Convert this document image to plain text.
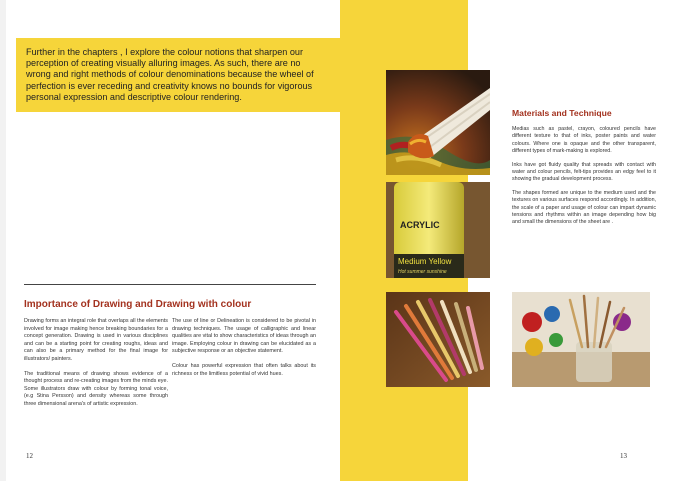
Further in the chapters , I explore the colour notions that sharpen our perception of creating visually alluring images. As such, there are no wrong and right methods of colour denominations because the wheel of perfection is ever receding and creativity knows no bounds for vigorous personal expression and descriptive colour rendering.
Importance of Drawing and Drawing with colour

Drawing forms an integral role that overlaps all the elements involved for image making hence breaking boundaries for a concept generation. Drawing is used in various disciplines and can be a starting point for creating roughs, ideas and can also be a primary method for the final image for illustrators/ painters.

The traditional means of drawing shows evidence of a thought process and re-creating images from the minds eye. Some illustrators draw with colour by forming tonal voice, (e.g Stina Persson) and density whereas some through three dimensional arena's of artistic expression.

The use of line or Delineation is considered to be pivotal in drawing techniques. The usage of calligraphic and linear qualities are vital to show characteristics of ideas through an image. Employing colour in drawing can be elucidated as a subjective response or an objective statement.

Colour has powerful expression that often talks about its richness or the limitless potential of vivid hues.

12	13
Materials and Technique

Medias such as pastel, crayon, coloured pencils have different texture to that of inks, poster paints and water colours. Where one is opaque and the other transparent, different types of mark-making is explored.

Inks have got fluidy quality that spreads with contact with water and colour pencils, felt-tips provides an edgy feel to it showing the gradual development process.

The shapes formed are unique to the medium used and the textures on various surfaces respond accordingly. In addition, the scale of a paper and usage of colour can impart dynamic tensions and rhythms within an image depending how big and small the dimensions of the sheet are .

ACRYLIC
Medium Yellow
Hot summer sunshine
